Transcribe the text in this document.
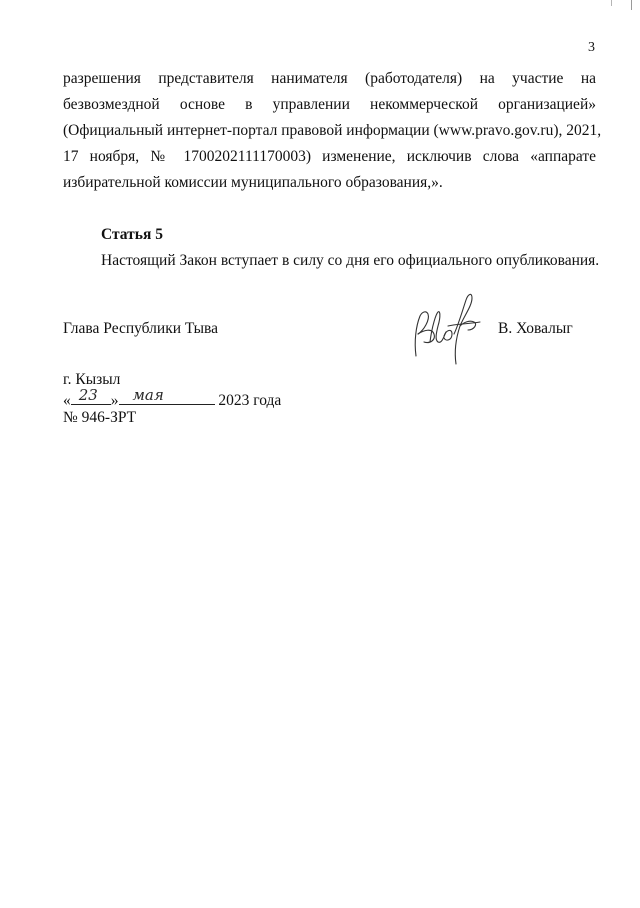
3
разрешения представителя нанимателя (работодателя) на участие на
безвозмездной основе в управлении некоммерческой организацией»
(Официальный интернет-портал правовой информации (www.pravo.gov.ru), 2021,
17 ноября, № 1700202111170003) изменение, исключив слова «аппарате
избирательной комиссии муниципального образования,».

Статья 5

Настоящий Закон вступает в силу со дня его официального опубликования.

Глава Республики Тыва	В. Ховалыг

г. Кызыл
« 23 » мая	2023 года
№ 946-ЗРТ
